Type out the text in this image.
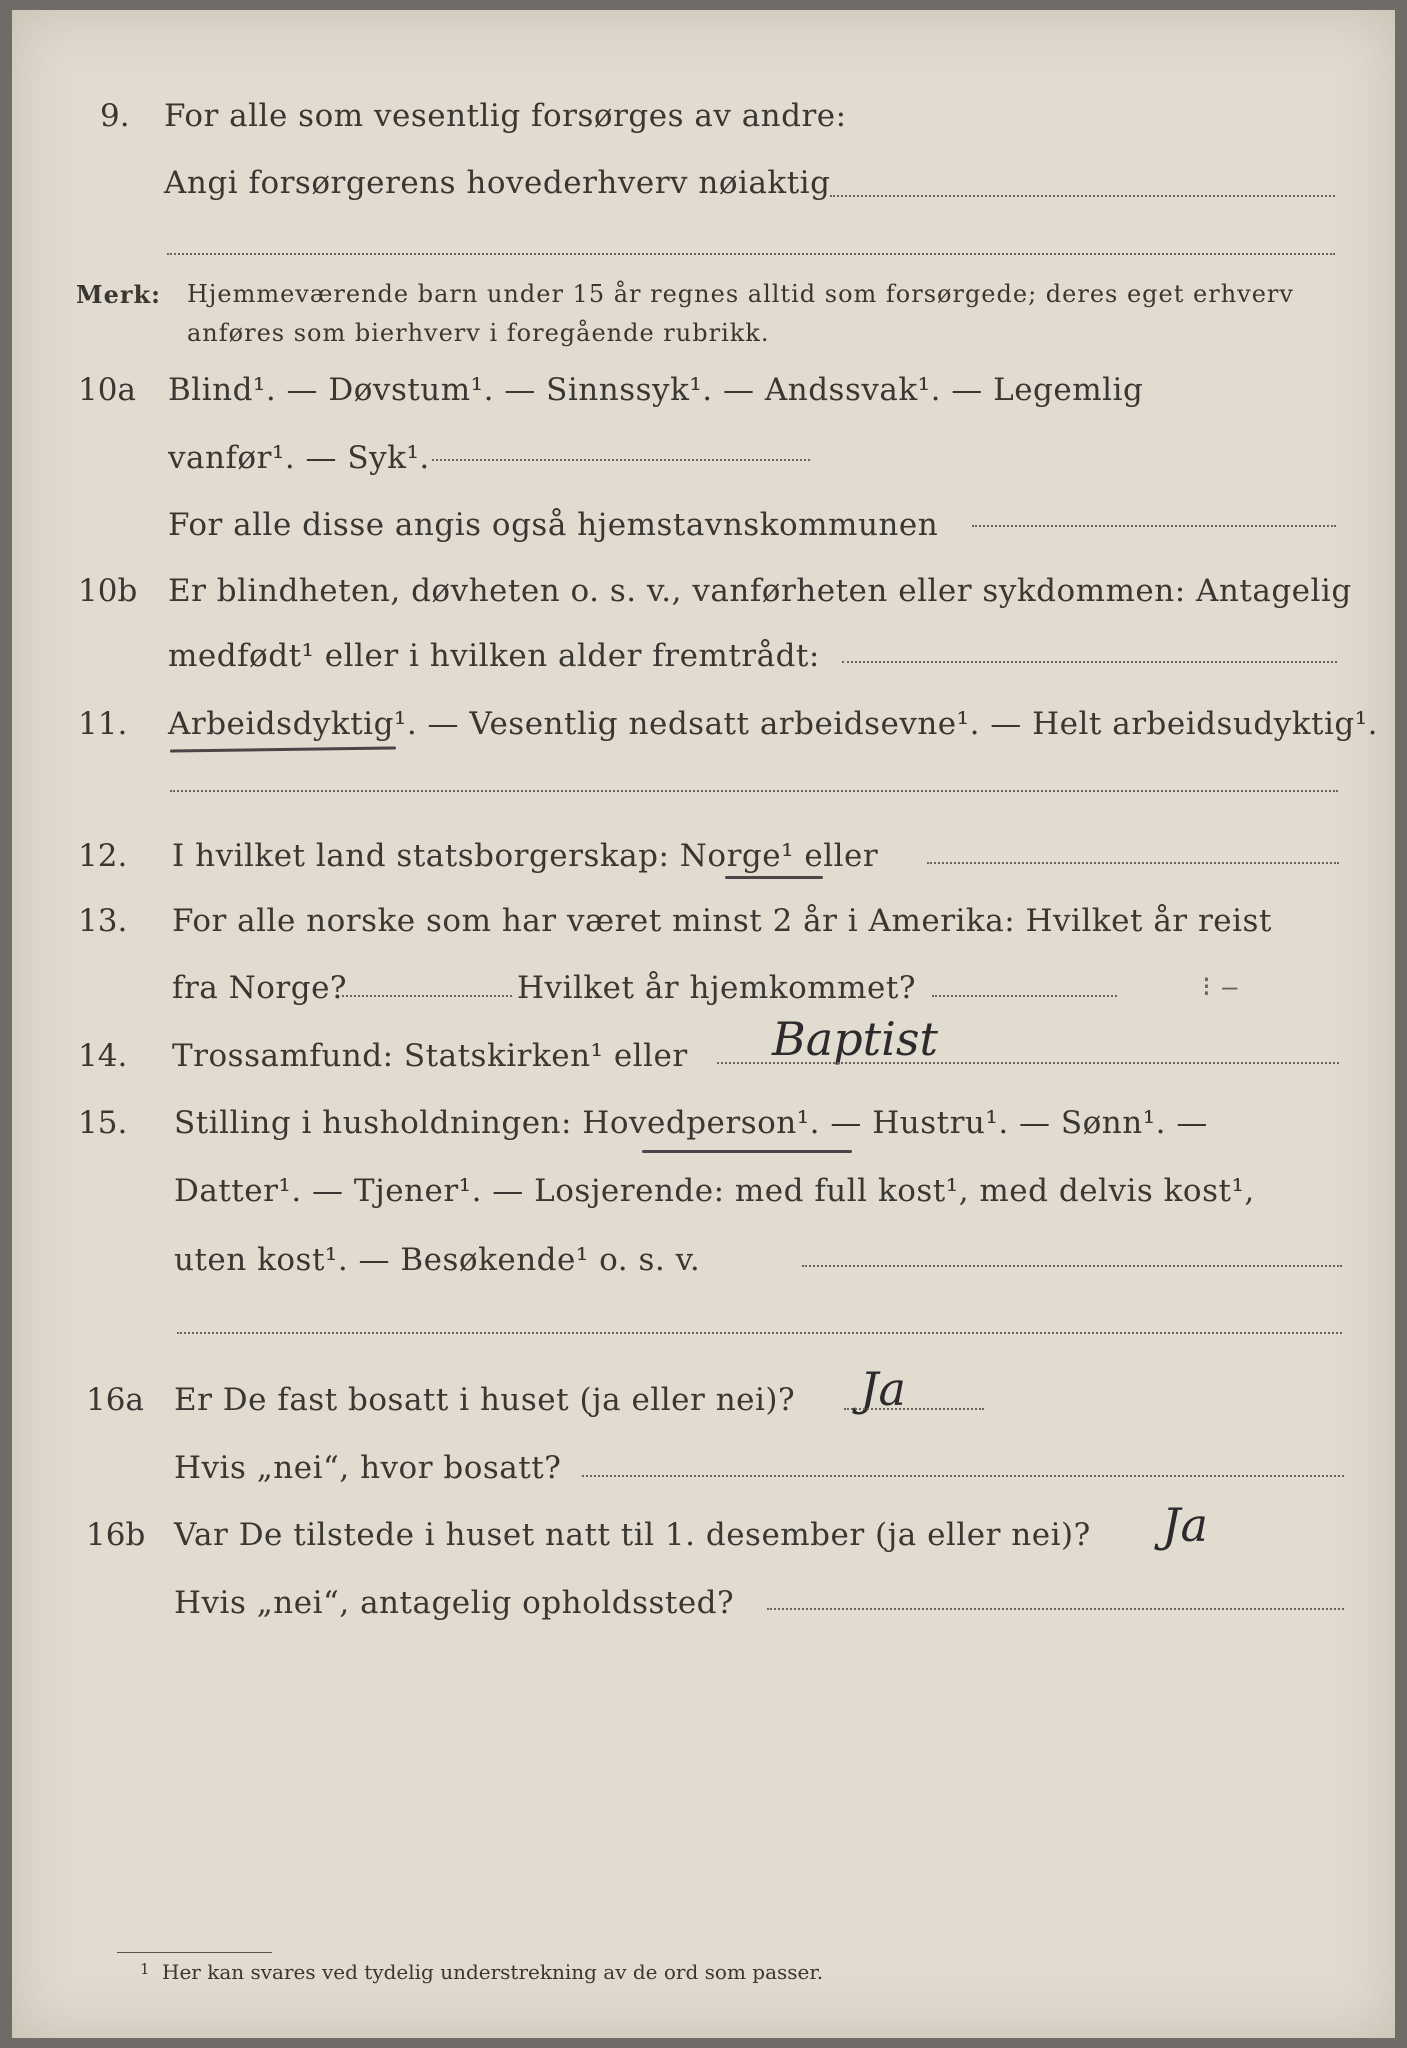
9. For alle som vesentlig forsørges av andre:
Angi forsørgerens hovederhverv nøiaktig
Merk: Hjemmeværende barn under 15 år regnes alltid som forsørgede; deres eget erhverv
anføres som bierhverv i foregående rubrikk.
10a Blind¹. — Døvstum¹. — Sinnssyk¹. — Andssvak¹. — Legemlig
vanfør¹. — Syk¹.
For alle disse angis også hjemstavnskommunen
10b Er blindheten, døvheten o. s. v., vanførheten eller sykdommen: Antagelig
medfødt¹ eller i hvilken alder fremtrådt:
11. Arbeidsdyktig¹. — Vesentlig nedsatt arbeidsevne¹. — Helt arbeidsudyktig¹.
12. I hvilket land statsborgerskap: Norge¹ eller
13. For alle norske som har været minst 2 år i Amerika: Hvilket år reist
fra Norge?	Hvilket år hjemkommet?	⁝ ‒
14. Trossamfund: Statskirken¹ eller Baptist
15. Stilling i husholdningen: Hovedperson¹. — Hustru¹. — Sønn¹. —
Datter¹. — Tjener¹. — Losjerende: med full kost¹, med delvis kost¹,
uten kost¹. — Besøkende¹ o. s. v.
16a Er De fast bosatt i huset (ja eller nei)? Ja
Hvis „nei“, hvor bosatt?
16b Var De tilstede i huset natt til 1. desember (ja eller nei)? Ja
Hvis „nei“, antagelig opholdssted?
1 Her kan svares ved tydelig understrekning av de ord som passer.
